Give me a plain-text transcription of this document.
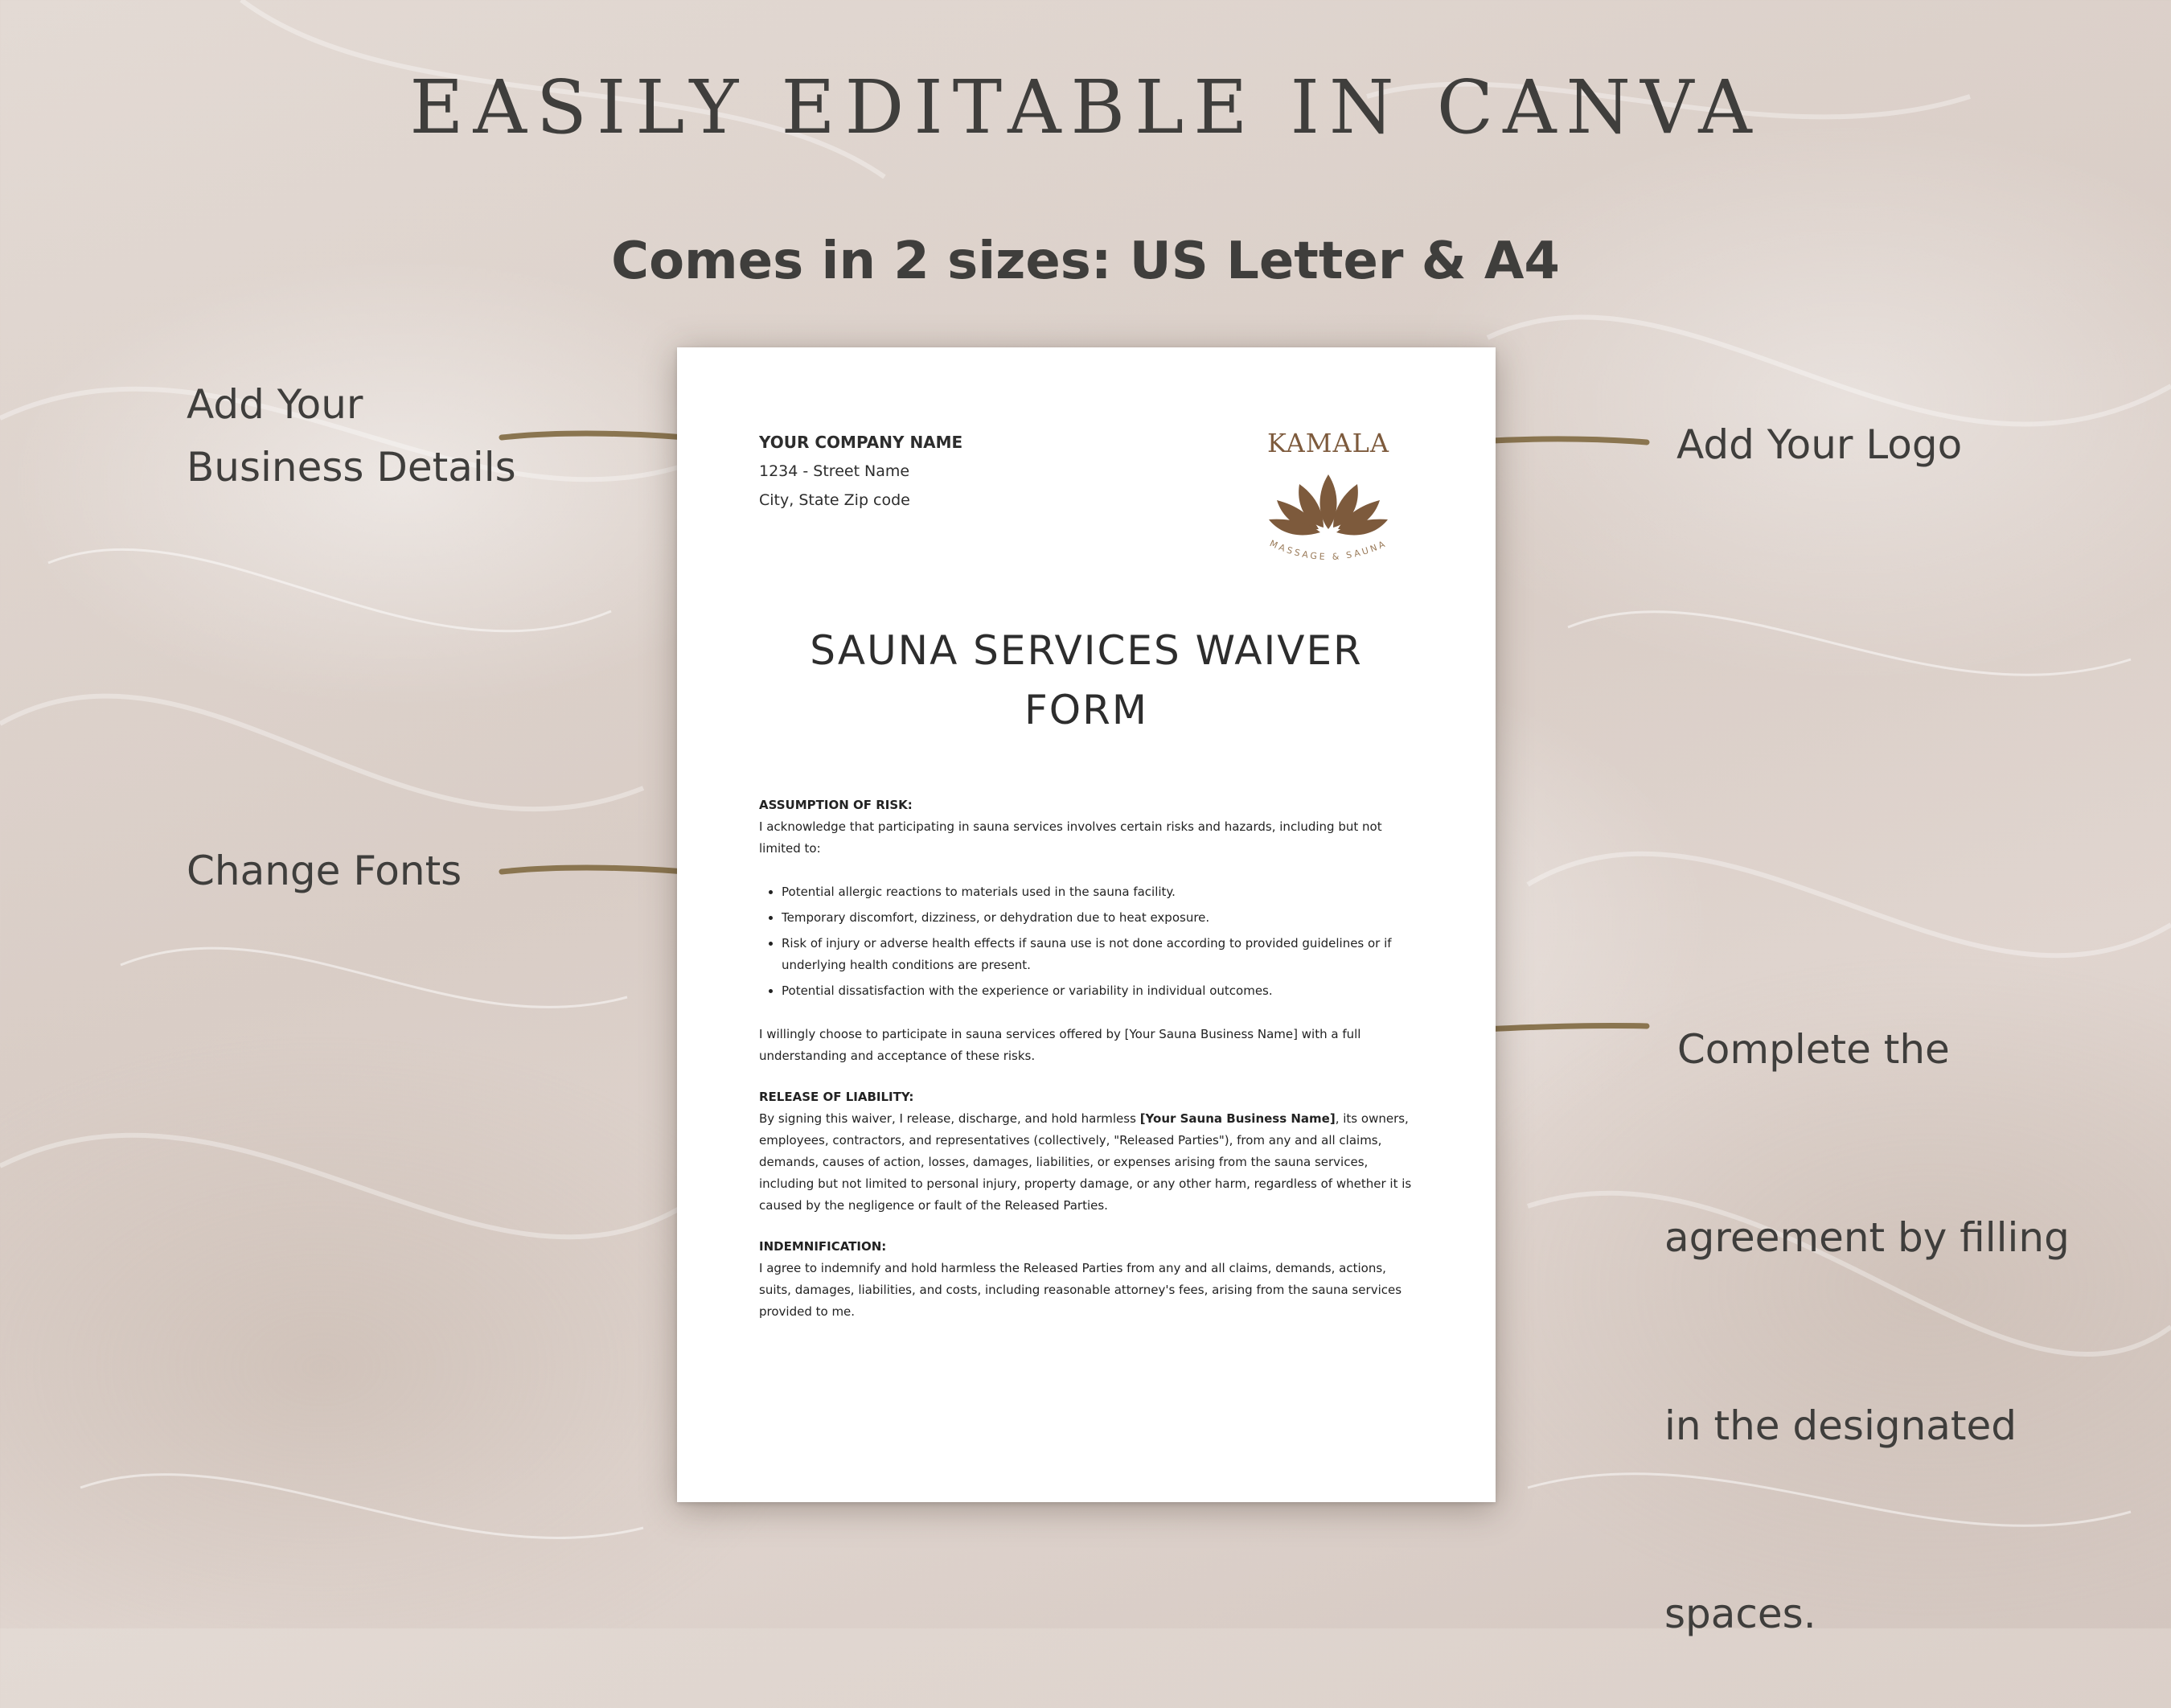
EASILY EDITABLE IN CANVA
Comes in 2 sizes: US Letter & A4
Add Your
Business Details	Add Your Logo
Change Fonts

Complete the

agreement by filling

in the designated

spaces.

YOUR COMPANY NAME
1234 - Street Name
City, State Zip code
KAMALA
MASSAGE & SAUNA
SAUNA SERVICES WAIVER
FORM

ASSUMPTION OF RISK:

I acknowledge that participating in sauna services involves certain risks and hazards, including but not limited to:

• Potential allergic reactions to materials used in the sauna facility.
• Temporary discomfort, dizziness, or dehydration due to heat exposure.
• Risk of injury or adverse health effects if sauna use is not done according to provided guidelines or if underlying health conditions are present.
• Potential dissatisfaction with the experience or variability in individual outcomes.

I willingly choose to participate in sauna services offered by [Your Sauna Business Name] with a full understanding and acceptance of these risks.

RELEASE OF LIABILITY:

By signing this waiver, I release, discharge, and hold harmless [Your Sauna Business Name], its owners, employees, contractors, and representatives (collectively, "Released Parties"), from any and all claims, demands, causes of action, losses, damages, liabilities, or expenses arising from the sauna services, including but not limited to personal injury, property damage, or any other harm, regardless of whether it is caused by the negligence or fault of the Released Parties.

INDEMNIFICATION:

I agree to indemnify and hold harmless the Released Parties from any and all claims, demands, actions, suits, damages, liabilities, and costs, including reasonable attorney's fees, arising from the sauna services provided to me.
